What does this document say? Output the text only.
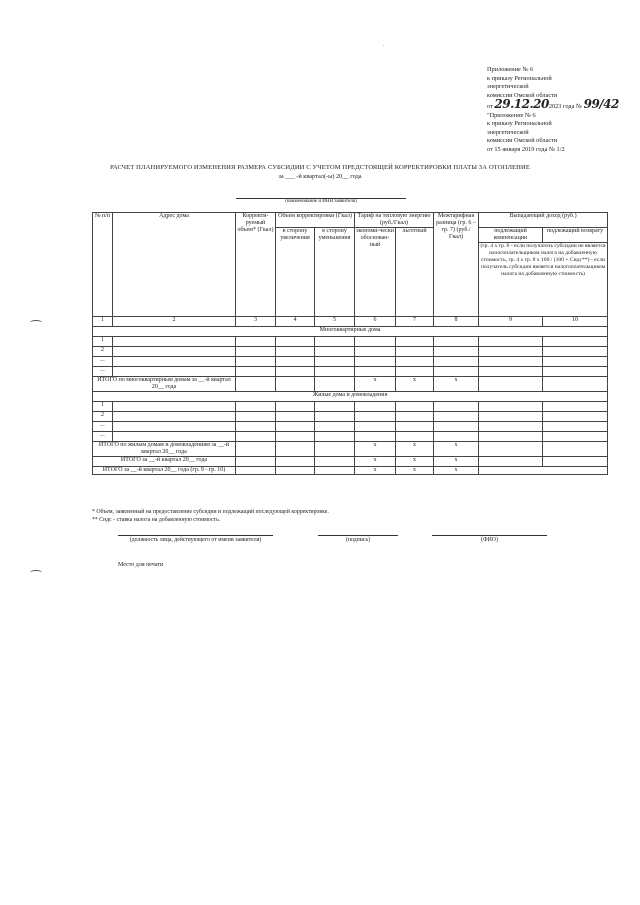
·
Приложение № 6
к приказу Региональной
энергетической
комиссии Омской области
от 29.12.202023 года № 99/42
"Приложение № 6
к приказу Региональной
энергетической
комиссии Омской области
от 15 января 2019 года № 1/2
РАСЧЕТ ПЛАНИРУЕМОГО ИЗМЕНЕНИЯ РАЗМЕРА СУБСИДИИ С УЧЕТОМ ПРЕДСТОЯЩЕЙ КОРРЕКТИРОВКИ ПЛАТЫ ЗА ОТОПЛЕНИЕ
за ___ -й квартал(-ы) 20__ года
(наименование и ИНН заявителя)
№ п/п	Адрес дома	Корректи-руемый объем* (Гкал)	Объем корректировки (Гкал)		Тариф на тепловую энергию (руб./Гкал)		Межтарифная разница (гр. 6 – гр. 7) (руб./Гкал)	Выпадающий доход (руб.)	
			в сторону увеличения	в сторону уменьшения	экономи-чески обоснован-ный	льготный		подлежащий компенсации	подлежащий возврату
								(гр. 4 х гр. 8 - если получатель субсидии не является налогоплательщиком налога на добавленную стоимость, гр. 4 х гр. 8 х 100 / (100 + Сндс**) - если получатель субсидии является налогоплательщиком налога на добавленную стоимость)	
1	2	3	4	5	6	7	8	9	10
Многоквартирные дома									
1									
2									
...									
...									
ИТОГО по многоквартирным домам за __-й квартал 20__ года					x	x	x		
Жилые дома и домовладения									
1									
2									
...									
...									
ИТОГО по жилым домам и домовладениям за __-й квартал 20__ года					x	x	x		
ИТОГО за __-й квартал 20__ года					x	x	x		
ИТОГО за __-й квартал 20__ года (гр. 9 - гр. 10)					x	x	x		
* Объем, заявленный на предоставление субсидии и подлежащий последующей корректировке.
** Сндс - ставка налога на добавленную стоимость.
(должность лица, действующего от имени заявителя)	(подпись)	(ФИО)
Место для печати
